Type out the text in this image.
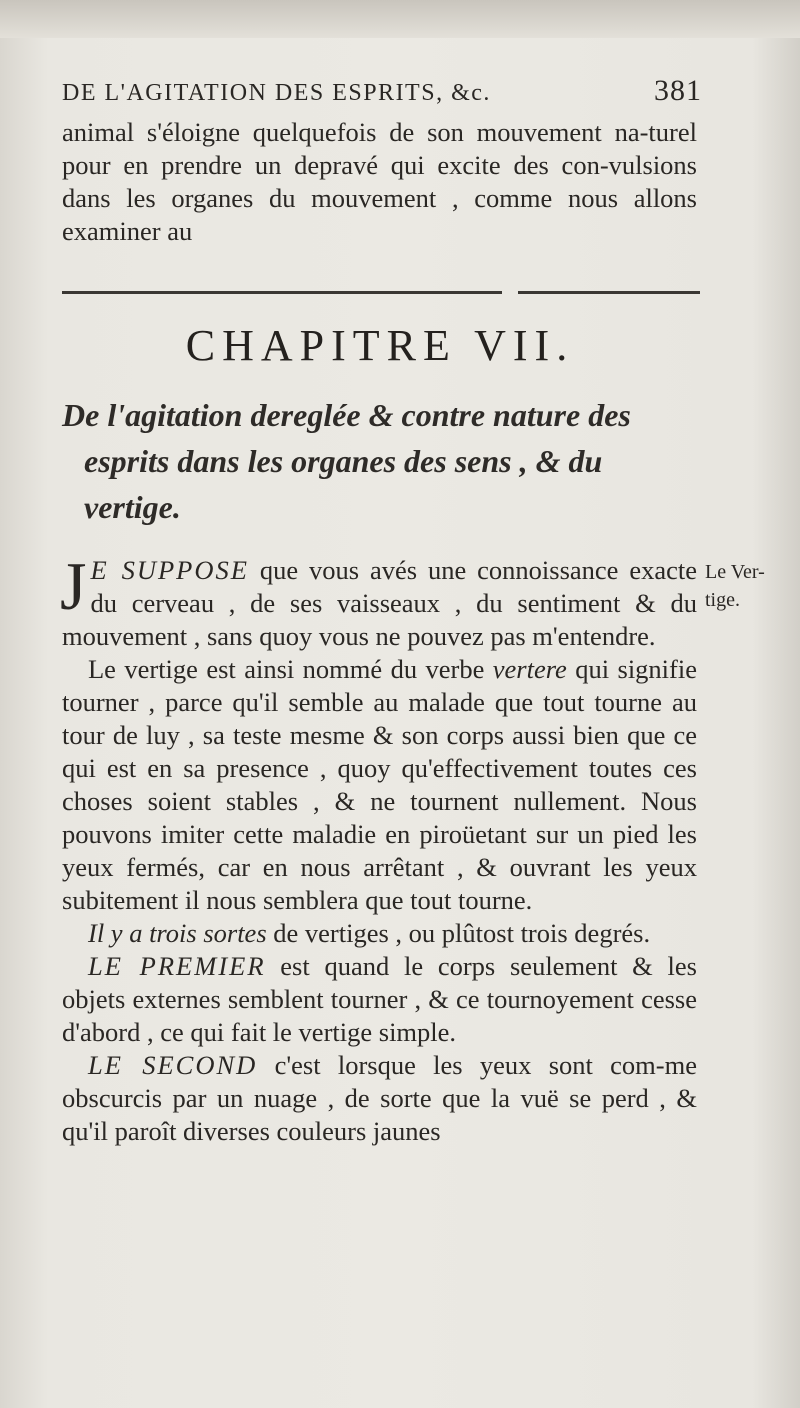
DE L'AGITATION DES ESPRITS, &c.	381

animal s'éloigne quelquefois de son mouvement na-turel pour en prendre un depravé qui excite des con-vulsions dans les organes du mouvement , comme nous allons examiner au

CHAPITRE VII.
De l'agitation dereglée & contre nature des
esprits dans les organes des sens , & du
vertige.
Le Ver-tige.

J E SUPPOSE que vous avés une connoissance exacte du cerveau , de ses vaisseaux , du sentiment & du mouvement , sans quoy vous ne pouvez pas m'entendre.

Le vertige est ainsi nommé du verbe vertere qui signifie tourner , parce qu'il semble au malade que tout tourne au tour de luy , sa teste mesme & son corps aussi bien que ce qui est en sa presence , quoy qu'effectivement toutes ces choses soient stables , & ne tournent nullement. Nous pouvons imiter cette maladie en piroüetant sur un pied les yeux fermés, car en nous arrêtant , & ouvrant les yeux subitement il nous semblera que tout tourne.

Il y a trois sortes de vertiges , ou plûtost trois degrés.

LE PREMIER est quand le corps seulement & les objets externes semblent tourner , & ce tournoyement cesse d'abord , ce qui fait le vertige simple.

LE SECOND c'est lorsque les yeux sont com-me obscurcis par un nuage , de sorte que la vuë se perd , & qu'il paroît diverses couleurs jaunes
